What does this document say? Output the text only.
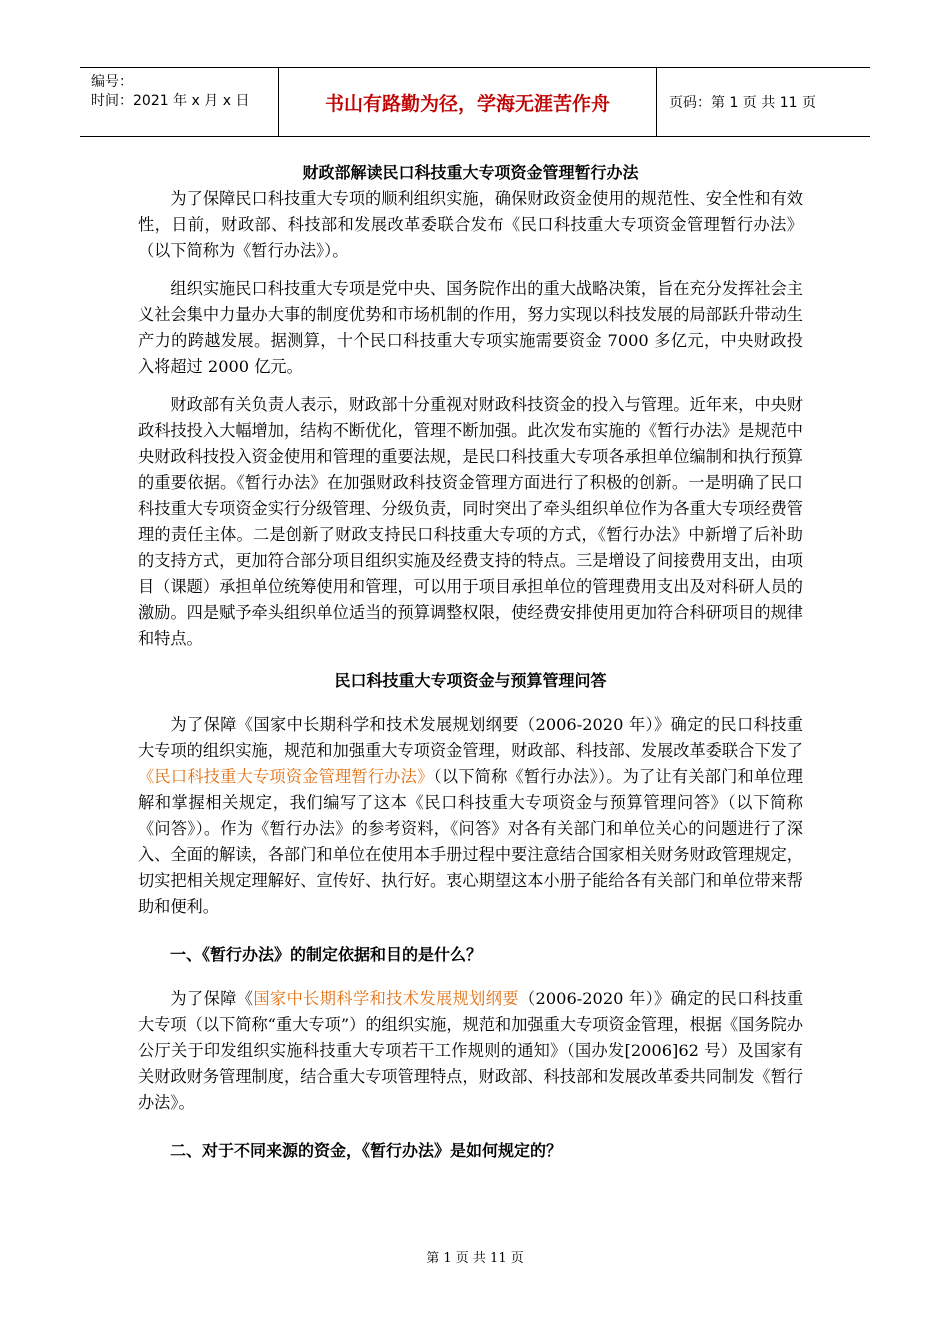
编号：
时间：2021 年 x 月 x 日	书山有路勤为径，学海无涯苦作舟	页码：第 1 页 共 11 页

财政部解读民口科技重大专项资金管理暂行办法

为了保障民口科技重大专项的顺利组织实施，确保财政资金使用的规范性、安全性和有效性，日前，财政部、科技部和发展改革委联合发布《民口科技重大专项资金管理暂行办法》（以下简称为《暂行办法》）。

组织实施民口科技重大专项是党中央、国务院作出的重大战略决策，旨在充分发挥社会主义社会集中力量办大事的制度优势和市场机制的作用，努力实现以科技发展的局部跃升带动生产力的跨越发展。据测算，十个民口科技重大专项实施需要资金 7000 多亿元，中央财政投入将超过 2000 亿元。

财政部有关负责人表示，财政部十分重视对财政科技资金的投入与管理。近年来，中央财政科技投入大幅增加，结构不断优化，管理不断加强。此次发布实施的《暂行办法》是规范中央财政科技投入资金使用和管理的重要法规，是民口科技重大专项各承担单位编制和执行预算的重要依据。《暂行办法》在加强财政科技资金管理方面进行了积极的创新。一是明确了民口科技重大专项资金实行分级管理、分级负责，同时突出了牵头组织单位作为各重大专项经费管理的责任主体。二是创新了财政支持民口科技重大专项的方式，《暂行办法》中新增了后补助的支持方式，更加符合部分项目组织实施及经费支持的特点。三是增设了间接费用支出，由项目（课题）承担单位统筹使用和管理，可以用于项目承担单位的管理费用支出及对科研人员的激励。四是赋予牵头组织单位适当的预算调整权限，使经费安排使用更加符合科研项目的规律和特点。

民口科技重大专项资金与预算管理问答

为了保障《国家中长期科学和技术发展规划纲要（2006-2020 年）》确定的民口科技重大专项的组织实施，规范和加强重大专项资金管理，财政部、科技部、发展改革委联合下发了《民口科技重大专项资金管理暂行办法》（以下简称《暂行办法》）。为了让有关部门和单位理解和掌握相关规定，我们编写了这本《民口科技重大专项资金与预算管理问答》（以下简称《问答》）。作为《暂行办法》的参考资料，《问答》对各有关部门和单位关心的问题进行了深入、全面的解读，各部门和单位在使用本手册过程中要注意结合国家相关财务财政管理规定，切实把相关规定理解好、宣传好、执行好。衷心期望这本小册子能给各有关部门和单位带来帮助和便利。

一、《暂行办法》的制定依据和目的是什么？

为了保障《国家中长期科学和技术发展规划纲要（2006-2020 年）》确定的民口科技重大专项（以下简称“重大专项”）的组织实施，规范和加强重大专项资金管理，根据《国务院办公厅关于印发组织实施科技重大专项若干工作规则的通知》（国办发[2006]62 号）及国家有关财政财务管理制度，结合重大专项管理特点，财政部、科技部和发展改革委共同制发《暂行办法》。

二、对于不同来源的资金，《暂行办法》是如何规定的？

第 1 页 共 11 页
